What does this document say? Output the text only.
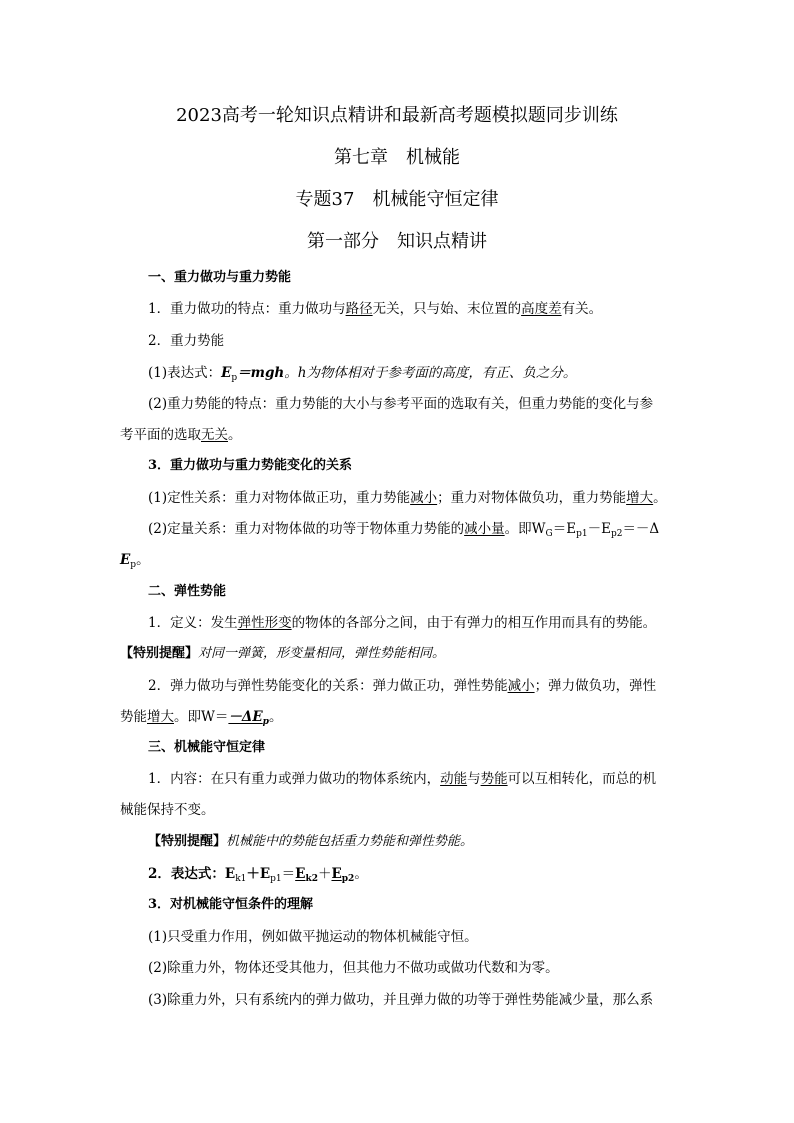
2023高考一轮知识点精讲和最新高考题模拟题同步训练
第七章　机械能
专题37　机械能守恒定律
第一部分　知识点精讲
一、重力做功与重力势能
1．重力做功的特点：重力做功与路径无关，只与始、末位置的高度差有关。
2．重力势能
(1)表达式：$E_p=mgh$。h为物体相对于参考面的高度，有正、负之分。
(2)重力势能的特点：重力势能的大小与参考平面的选取有关，但重力势能的变化与参
考平面的选取无关。
3．重力做功与重力势能变化的关系
(1)定性关系：重力对物体做正功，重力势能减小；重力对物体做负功，重力势能增大。
(2)定量关系：重力对物体做的功等于物体重力势能的减小量。即$W_G=E_{p1}-E_{p2}=-\Delta$
$E_p$。
二、弹性势能
1．定义：发生弹性形变的物体的各部分之间，由于有弹力的相互作用而具有的势能。
【特别提醒】对同一弹簧，形变量相同，弹性势能相同。
2．弹力做功与弹性势能变化的关系：弹力做正功，弹性势能减小；弹力做负功，弹性
势能增大。即$W=-\Delta E_p$。
三、机械能守恒定律
1．内容：在只有重力或弹力做功的物体系统内，动能与势能可以互相转化，而总的机
械能保持不变。
【特别提醒】机械能中的势能包括重力势能和弹性势能。
2．表达式：$E_{k1}+E_{p1}=E_{k2}+E_{p2}$。
3．对机械能守恒条件的理解
(1)只受重力作用，例如做平抛运动的物体机械能守恒。
(2)除重力外，物体还受其他力，但其他力不做功或做功代数和为零。
(3)除重力外，只有系统内的弹力做功，并且弹力做的功等于弹性势能减少量，那么系
